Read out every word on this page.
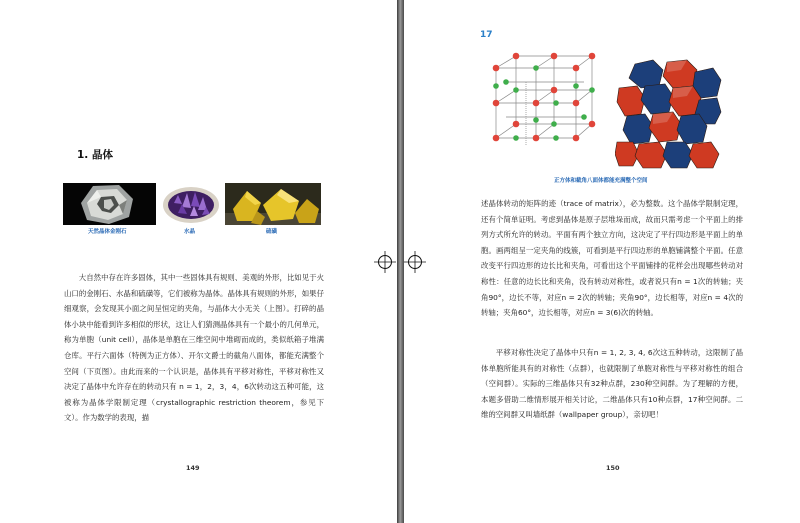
1. 晶体
天然晶体金刚石	水晶	硫磺

大自然中存在许多固体，其中一些固体具有规则、美观的外形，比如见于火山口的金刚石、水晶和硫磺等，它们被称为晶体。晶体具有规则的外形，如果仔细观察，会发现其小面之间呈恒定的夹角，与晶体大小无关（上图）。打碎的晶体小块中能看到许多相似的形状，这让人们猜测晶体具有一个最小的几何单元，称为单胞（unit cell），晶体是单胞在三维空间中堆砌而成的，类似纸箱子堆满仓库。平行六面体（特例为正方体）、开尔文爵士的截角八面体，都能充满整个空间（下页图）。由此而来的一个认识是，晶体具有平移对称性，平移对称性又决定了晶体中允许存在的转动只有 n = 1，2，3，4，6次转动这五种可能，这被称为晶体学限制定理（crystallographic restriction theorem，参见下文）。作为数学的表现，描

149
17
正方体和截角八面体都能充满整个空间

述晶体转动的矩阵的迹（trace of matrix），必为整数。这个晶体学限制定理，还有个简单证明。考虑到晶体是原子层堆垛而成，故而只需考虑一个平面上的排列方式所允许的转动。平面有两个独立方向，这决定了平行四边形是平面上的单胞。画两组呈一定夹角的线簇，可看到是平行四边形的单胞铺满整个平面。任意改变平行四边形的边长比和夹角，可看出这个平面铺排的花样会出现哪些转动对称性：任意的边长比和夹角，没有转动对称性，或者说只有n = 1次的转轴；夹角90°，边长不等，对应n = 2次的转轴；夹角90°，边长相等，对应n = 4次的转轴；夹角60°，边长相等，对应n = 3(6)次的转轴。

平移对称性决定了晶体中只有n = 1, 2, 3, 4, 6次这五种转动，这限制了晶体单胞所能具有的对称性（点群），也就限制了单胞对称性与平移对称性的组合（空间群）。实际的三维晶体只有32种点群，230种空间群。为了理解的方便，本题多借助二维情形展开相关讨论，二维晶体只有10种点群，17种空间群。二维的空间群又叫墙纸群（wallpaper group），亲切吧！

150
